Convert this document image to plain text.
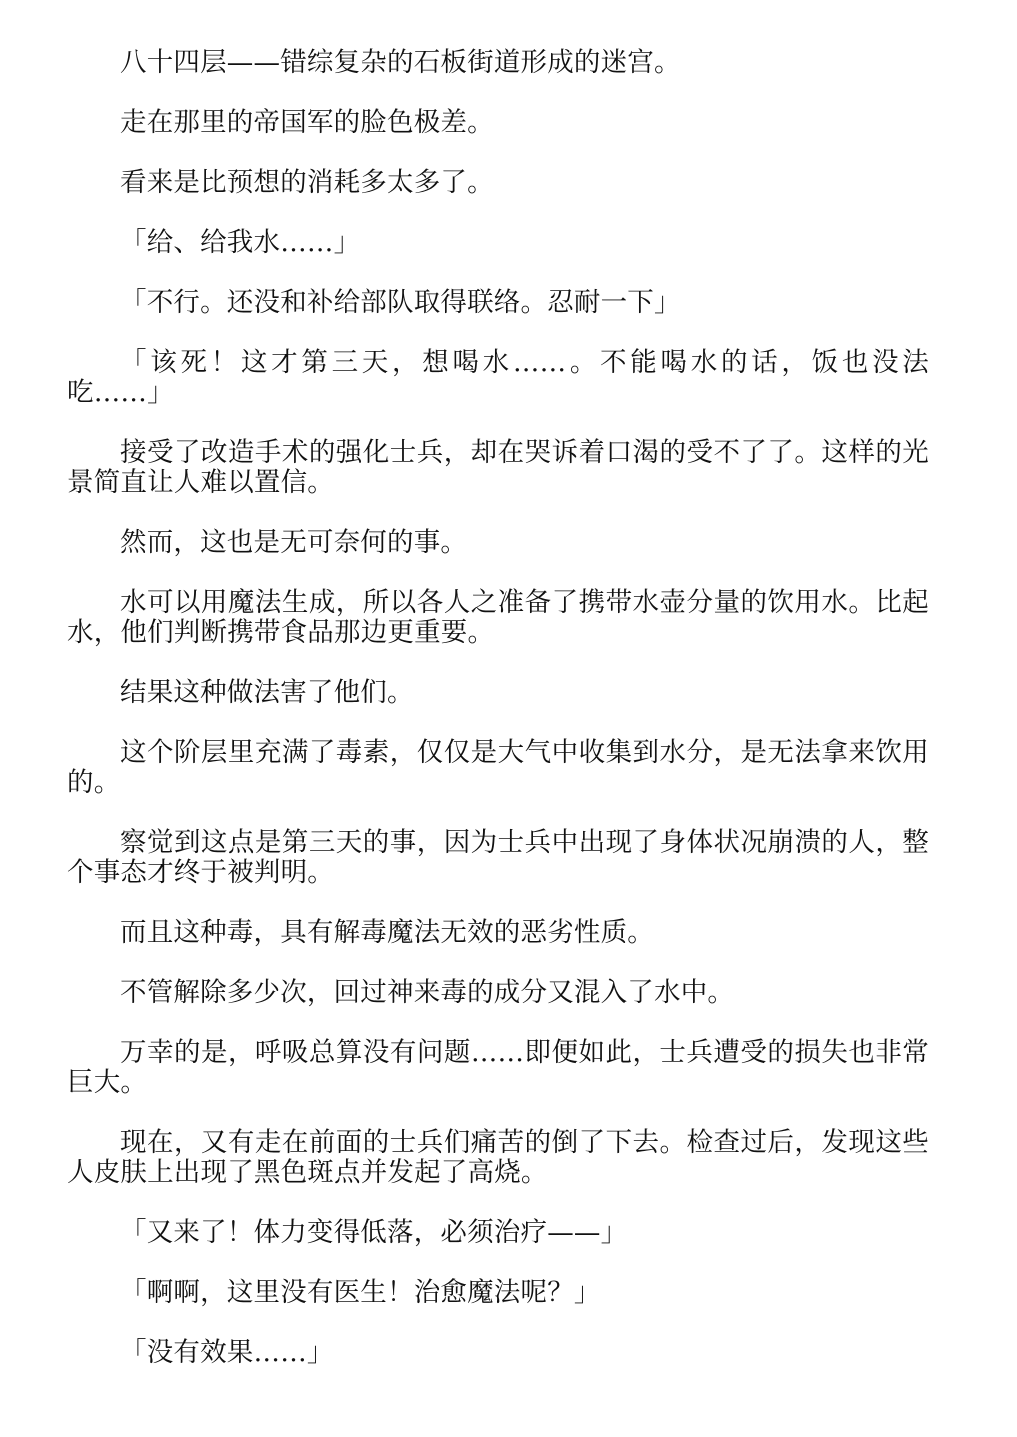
八十四层——错综复杂的石板街道形成的迷宫。

走在那里的帝国军的脸色极差。

看来是比预想的消耗多太多了。

「给、给我水……」

「不行。还没和补给部队取得联络。忍耐一下」

「该死！这才第三天，想喝水……。不能喝水的话，饭也没法吃……」

接受了改造手术的强化士兵，却在哭诉着口渴的受不了了。这样的光景简直让人难以置信。

然而，这也是无可奈何的事。

水可以用魔法生成，所以各人之准备了携带水壶分量的饮用水。比起水，他们判断携带食品那边更重要。

结果这种做法害了他们。

这个阶层里充满了毒素，仅仅是大气中收集到水分，是无法拿来饮用的。

察觉到这点是第三天的事，因为士兵中出现了身体状况崩溃的人，整个事态才终于被判明。

而且这种毒，具有解毒魔法无效的恶劣性质。

不管解除多少次，回过神来毒的成分又混入了水中。

万幸的是，呼吸总算没有问题……即便如此，士兵遭受的损失也非常巨大。

现在，又有走在前面的士兵们痛苦的倒了下去。检查过后，发现这些人皮肤上出现了黑色斑点并发起了高烧。

「又来了！体力变得低落，必须治疗——」

「啊啊，这里没有医生！治愈魔法呢？」

「没有效果……」
